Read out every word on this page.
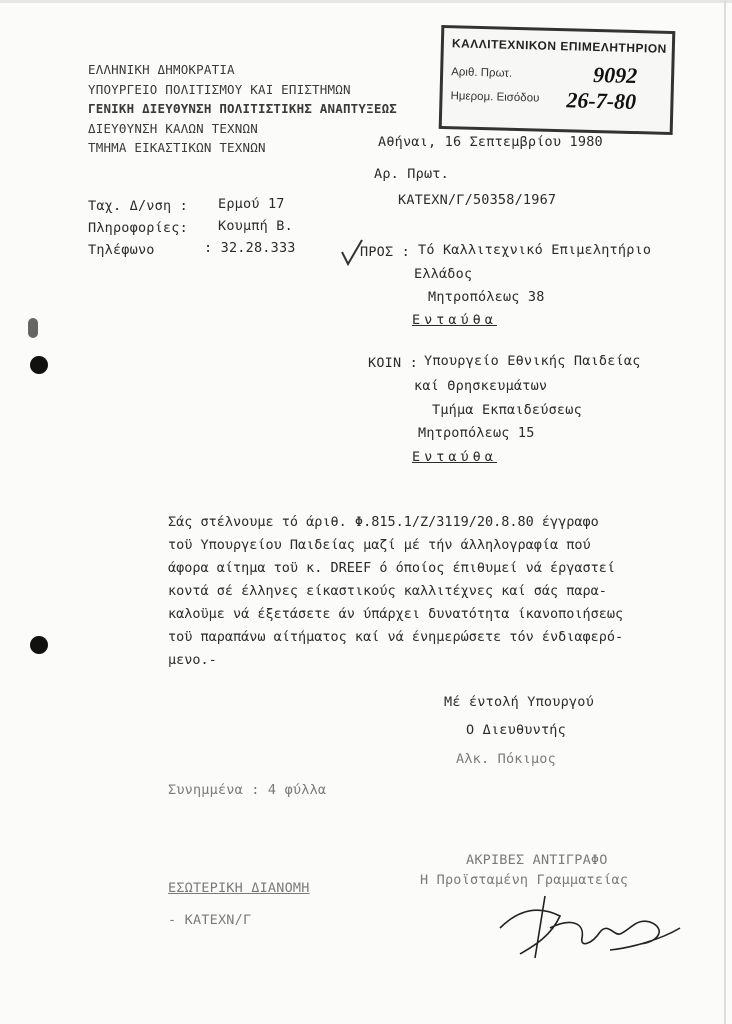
ΕΛΛΗΝΙΚΗ ΔΗΜΟΚΡΑΤΙΑ
ΥΠΟΥΡΓΕΙΟ ΠΟΛΙΤΙΣΜΟΥ ΚΑΙ ΕΠΙΣΤΗΜΩΝ
ΓΕΝΙΚΗ ΔΙΕΥΘΥΝΣΗ ΠΟΛΙΤΙΣΤΙΚΗΣ ΑΝΑΠΤΥΞΕΩΣ
ΔΙΕΥΘΥΝΣΗ ΚΑΛΩΝ ΤΕΧΝΩΝ
ΤΜΗΜΑ ΕΙΚΑΣΤΙΚΩΝ ΤΕΧΝΩΝ
ΚΑΛΛΙΤΕΧΝΙΚΟΝ ΕΠΙΜΕΛΗΤΗΡΙΟΝ
Αριθ. Πρωτ.	9092
Ημερομ. Εισόδου 26-7-80
Ταχ. Δ/νση : Ερμού 17
Πληροφορίες: Κουμπή Β.
Τηλέφωνο	: 32.28.333
Αθήναι, 16 Σεπτεμβρίου 1980
Αρ. Πρωτ.
ΚΑΤΕΧΝ/Γ/50358/1967
ΠΡΟΣ : Τό Καλλιτεχνικό Επιμελητήριο
Ελλάδος
Μητροπόλεως 38
Ενταύθα
ΚΟΙΝ : Υπουργείο Εθνικής Παιδείας
καί Θρησκευμάτων
Τμήμα Εκπαιδεύσεως
Μητροπόλεως 15
Ενταύθα
Σάς στέλνουμε τό άριθ. Φ.815.1/Ζ/3119/20.8.80 έγγραφο
τοϋ Υπουργείου Παιδείας μαζί μέ τήν άλληλογραφία πού
άφορα αίτημα τοϋ κ. DREEF ό όποίος έπιθυμεί νά έργαστεί
κοντά σέ έλληνες είκαστικούς καλλιτέχνες καί σάς παρα-
καλοϋμε νά έξετάσετε άν ύπάρχει δυνατότητα ίκανοποιήσεως
τοϋ παραπάνω αίτήματος καί νά ένημερώσετε τόν ένδιαφερό-
μενο.-
Μέ έντολή Υπουργού
Ο Διευθυντής
Αλκ. Πόκιμος
Συνημμένα : 4 φύλλα
ΑΚΡΙΒΕΣ ΑΝΤΙΓΡΑΦΟ
Η Προϊσταμένη Γραμματείας
ΕΣΩΤΕΡΙΚΗ ΔΙΑΝΟΜΗ
- ΚΑΤΕΧΝ/Γ
